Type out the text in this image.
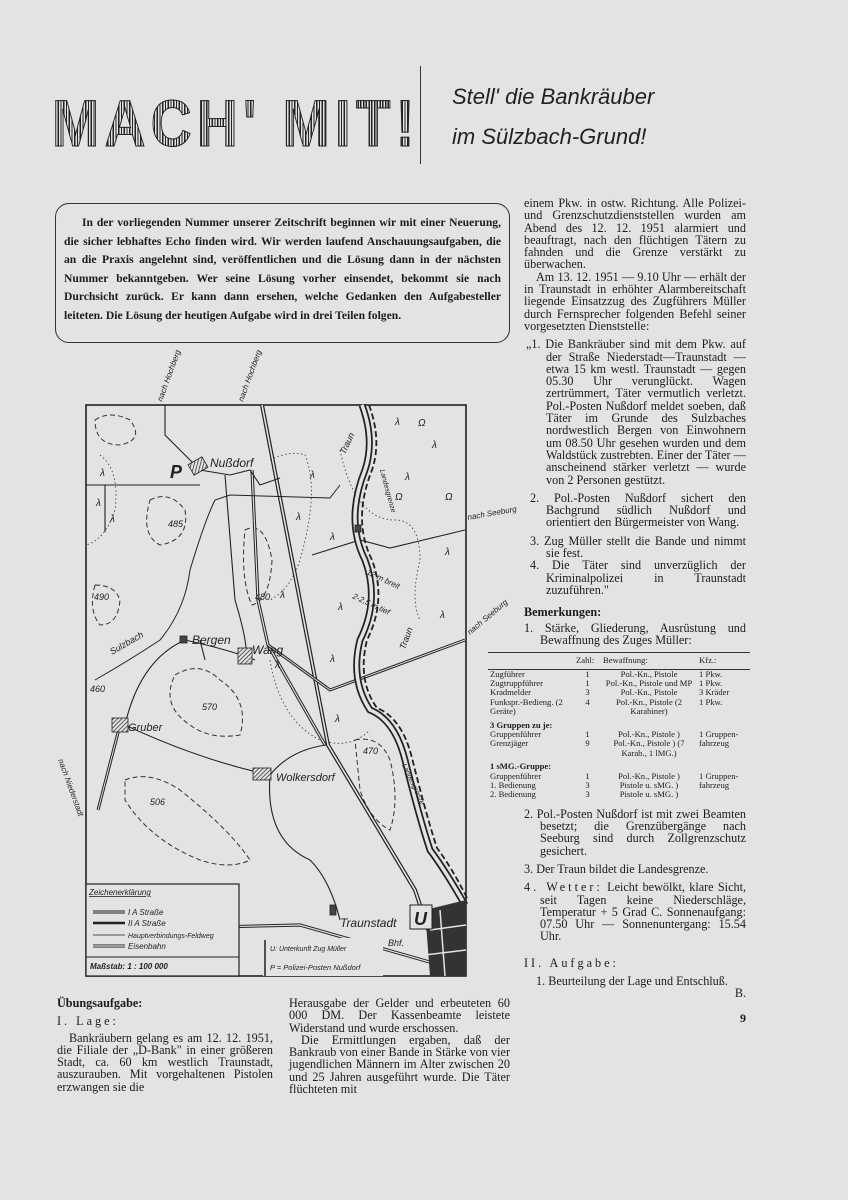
MACH' MIT! Stell' die Bankräuber
im Sülzbach-Grund!
In der vorliegenden Nummer unserer Zeitschrift beginnen wir mit einer Neuerung, die sicher lebhaftes Echo finden wird. Wir werden laufend Anschauungsaufgaben, die an die Praxis angelehnt sind, veröffentlichen und die Lösung dann in der nächsten Nummer bekanntgeben. Wer seine Lösung vorher einsendet, bekommt sie nach Durchsicht zurück. Er kann dann ersehen, welche Gedanken den Aufgabesteller leiteten. Die Lösung der heutigen Aufgabe wird in drei Teilen folgen.
λ
λ
λ
λ
λ
λ
λ
λ
λ
Ω	Ω
λ
λ
λ
λ
λ
λ
λ
Ω
Nußdorf
P
Bergen
Wang
Gruber
Wolkersdorf
Traunstadt
Bhf.
U
nach Hochberg	nach Hochberg
nach Seeburg
nach Seeburg
nach Niederstadt
Traun
Traun
Sulzbach
Landesgrenze
Landesgrenze
12 m breit
2-2,5 m tief
485
490	480
460
570
470
506
Zeichenerklärung
I A Straße
II A Straße
Hauptverbindungs-Feldweg
Eisenbahn
Maßstab: 1 : 100 000
U: Unterkunft Zug Müller
P = Polizei-Posten Nußdorf

Übungsaufgabe:

I. Lage:

Bankräubern gelang es am 12. 12. 1951, die Filiale der „D-Bank" in einer größeren Stadt, ca. 60 km westlich Traunstadt, auszurauben. Mit vorgehaltenen Pistolen erzwangen sie die

Herausgabe der Gelder und erbeuteten 60 000 DM. Der Kassenbeamte leistete Widerstand und wurde erschossen.

Die Ermittlungen ergaben, daß der Bankraub von einer Bande in Stärke von vier jugendlichen Männern im Alter zwischen 20 und 25 Jahren ausgeführt wurde. Die Täter flüchteten mit

einem Pkw. in ostw. Richtung. Alle Polizei- und Grenzschutzdienststellen wurden am Abend des 12. 12. 1951 alarmiert und beauftragt, nach den flüchtigen Tätern zu fahnden und die Grenze verstärkt zu überwachen.

Am 13. 12. 1951 — 9.10 Uhr — erhält der in Traunstadt in erhöhter Alarmbereitschaft liegende Einsatzzug des Zugführers Müller durch Fernsprecher folgenden Befehl seiner vorgesetzten Dienststelle:

„1. Die Bankräuber sind mit dem Pkw. auf der Straße Niederstadt—Traunstadt — etwa 15 km westl. Traunstadt — gegen 05.30 Uhr verunglückt. Wagen zertrümmert, Täter vermutlich verletzt. Pol.-Posten Nußdorf meldet soeben, daß Täter im Grunde des Sulzbaches nordwestlich Bergen von Einwohnern um 08.50 Uhr gesehen wurden und dem Waldstück zustrebten. Einer der Täter — anscheinend stärker verletzt — wurde von 2 Personen gestützt.

2. Pol.-Posten Nußdorf sichert den Bachgrund südlich Nußdorf und orientiert den Bürgermeister von Wang.

3. Zug Müller stellt die Bande und nimmt sie fest.

4. Die Täter sind unverzüglich der Kriminalpolizei in Traunstadt zuzuführen."

Bemerkungen:

1. Stärke, Gliederung, Ausrüstung und Bewaffnung des Zuges Müller:

	Zahl:	Bewaffnung:	Kfz.:
Zugführer	1	Pol.-Kn., Pistole	1 Pkw.
Zugtruppführer	1	Pol.-Kn., Pistole und MP	1 Pkw.
Kradmelder	3	Pol.-Kn., Pistole	3 Kräder
Funkspr.-Bedieng. (2 Geräte)	4	Pol.-Kn., Pistole (2 Karabiner)	1 Pkw.
3 Gruppen zu je:			
Gruppenführer	1	Pol.-Kn., Pistole )	1 Gruppen-
Grenzjäger	9	Pol.-Kn., Pistole ) (7 Karab., 1 lMG.)	fahrzeug
1 sMG.-Gruppe:			
Gruppenführer	1	Pol.-Kn., Pistole )	1 Gruppen-
1. Bedienung	3	Pistole u. sMG. )	fahrzeug
2. Bedienung	3	Pistole u. sMG. )	

2. Pol.-Posten Nußdorf ist mit zwei Beamten besetzt; die Grenzübergänge nach Seeburg sind durch Zollgrenzschutz gesichert.

3. Der Traun bildet die Landesgrenze.

4. Wetter: Leicht bewölkt, klare Sicht, seit Tagen keine Niederschläge, Temperatur + 5 Grad C. Sonnenaufgang: 07.50 Uhr — Sonnenuntergang: 15.54 Uhr.

II. Aufgabe:

1. Beurteilung der Lage und Entschluß.
B.

9
